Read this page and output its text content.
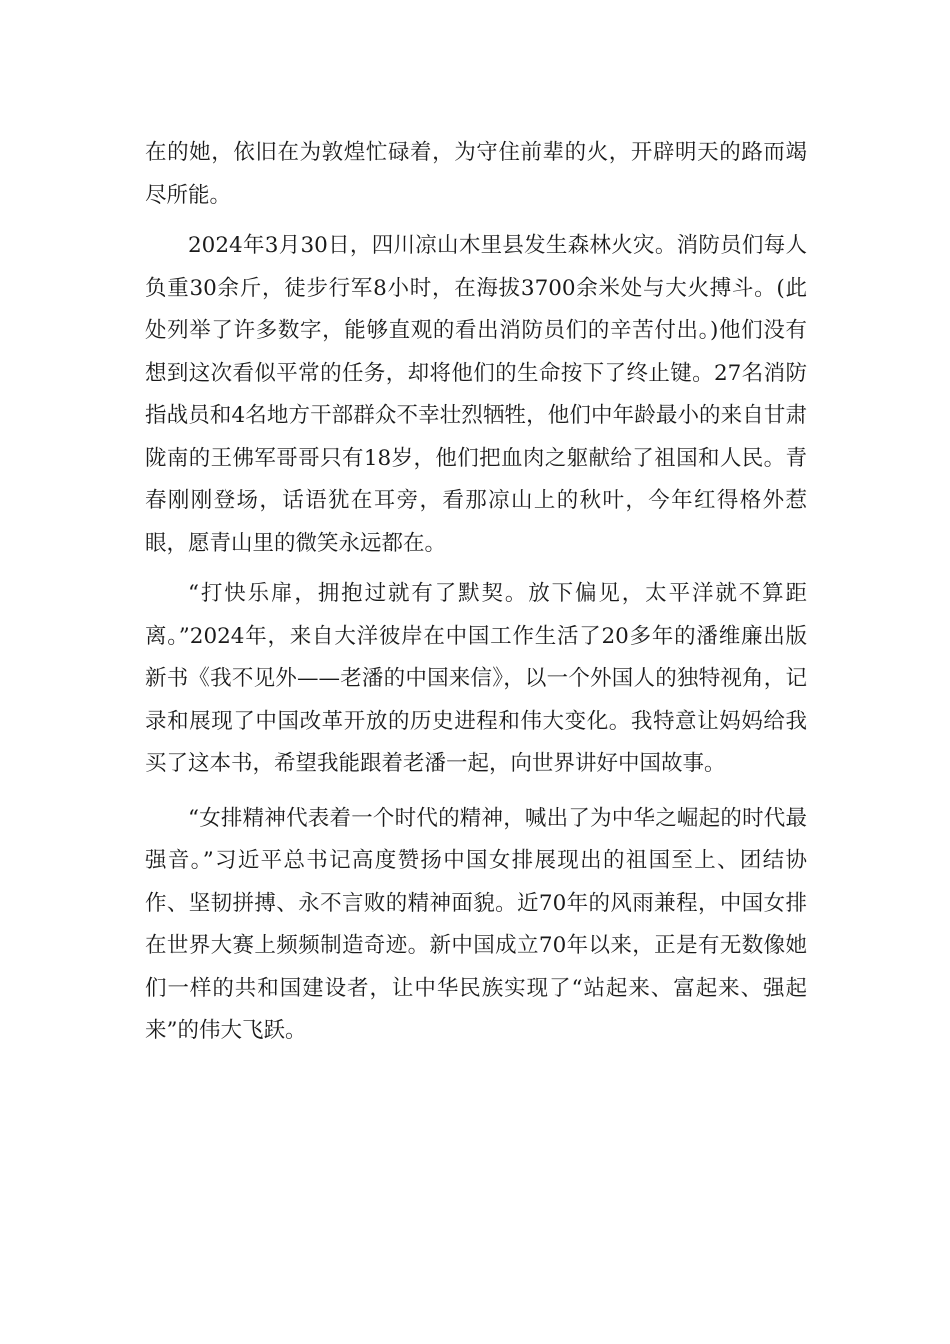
在的她，依旧在为敦煌忙碌着，为守住前辈的火，开辟明天的路而竭尽所能。

2024年3月30日，四川凉山木里县发生森林火灾。消防员们每人负重30余斤，徒步行军8小时，在海拔3700余米处与大火搏斗。(此处列举了许多数字，能够直观的看出消防员们的辛苦付出。)他们没有想到这次看似平常的任务，却将他们的生命按下了终止键。27名消防指战员和4名地方干部群众不幸壮烈牺牲，他们中年龄最小的来自甘肃陇南的王佛军哥哥只有18岁，他们把血肉之躯献给了祖国和人民。青春刚刚登场，话语犹在耳旁，看那凉山上的秋叶，今年红得格外惹眼，愿青山里的微笑永远都在。

“打快乐扉，拥抱过就有了默契。放下偏见，太平洋就不算距离。”2024年，来自大洋彼岸在中国工作生活了20多年的潘维廉出版新书《我不见外——老潘的中国来信》，以一个外国人的独特视角，记录和展现了中国改革开放的历史进程和伟大变化。我特意让妈妈给我买了这本书，希望我能跟着老潘一起，向世界讲好中国故事。

“女排精神代表着一个时代的精神，喊出了为中华之崛起的时代最强音。”习近平总书记高度赞扬中国女排展现出的祖国至上、团结协作、坚韧拼搏、永不言败的精神面貌。近70年的风雨兼程，中国女排在世界大赛上频频制造奇迹。新中国成立70年以来，正是有无数像她们一样的共和国建设者，让中华民族实现了“站起来、富起来、强起来”的伟大飞跃。
